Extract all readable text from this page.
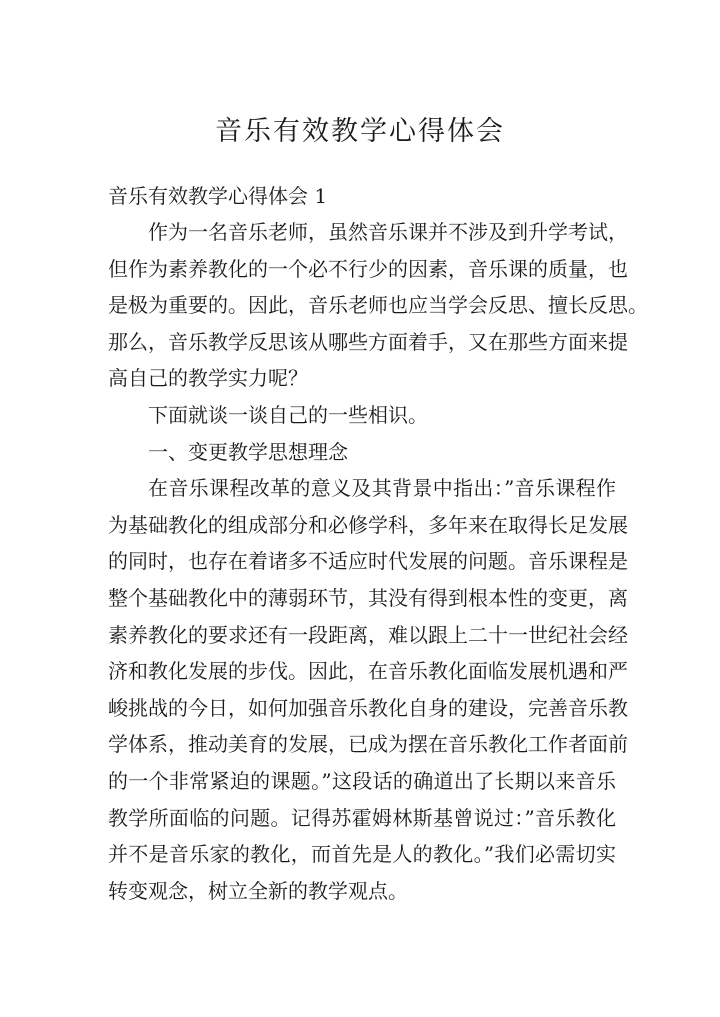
音乐有效教学心得体会
音乐有效教学心得体会 1

作为一名音乐老师，虽然音乐课并不涉及到升学考试，
但作为素养教化的一个必不行少的因素，音乐课的质量，也
是极为重要的。因此，音乐老师也应当学会反思、擅长反思。
那么，音乐教学反思该从哪些方面着手，又在那些方面来提
高自己的教学实力呢？

下面就谈一谈自己的一些相识。

一、变更教学思想理念

在音乐课程改革的意义及其背景中指出：”音乐课程作
为基础教化的组成部分和必修学科，多年来在取得长足发展
的同时，也存在着诸多不适应时代发展的问题。音乐课程是
整个基础教化中的薄弱环节，其没有得到根本性的变更，离
素养教化的要求还有一段距离，难以跟上二十一世纪社会经
济和教化发展的步伐。因此，在音乐教化面临发展机遇和严
峻挑战的今日，如何加强音乐教化自身的建设，完善音乐教
学体系，推动美育的发展，已成为摆在音乐教化工作者面前
的一个非常紧迫的课题。”这段话的确道出了长期以来音乐
教学所面临的问题。记得苏霍姆林斯基曾说过：”音乐教化
并不是音乐家的教化，而首先是人的教化。”我们必需切实
转变观念，树立全新的教学观点。
